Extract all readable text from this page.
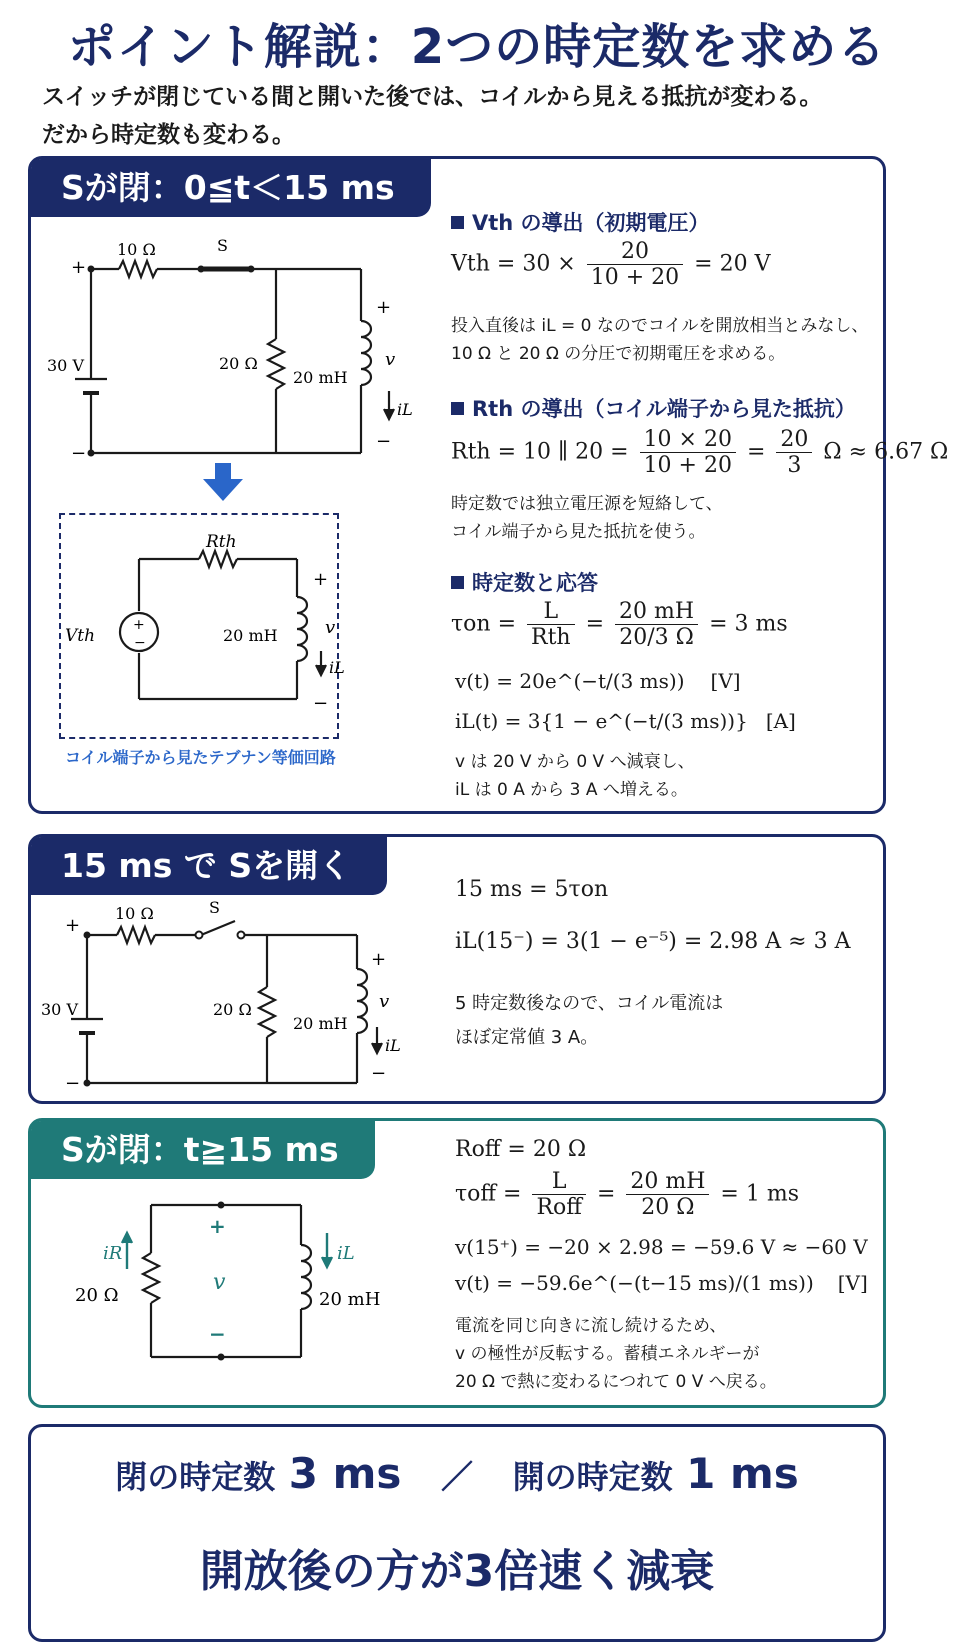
ポイント解説：2つの時定数を求める
スイッチが閉じている間と開いた後では、コイルから見える抵抗が変わる。
だから時定数も変わる。
Sが閉：0≦t＜15 ms
+
−
10 Ω	S
30 V	20 Ω
20 mH
+
v
iL
−
+
−
Rth
Vth	20 mH
+
v
iL
−
コイル端子から見たテブナン等価回路
Vth の導出（初期電圧）
Vth = $30 \times \frac{20}{10 + 20} = 20$ V
投入直後は iL = 0 なのでコイルを開放相当とみなし、
10 Ω と 20 Ω の分圧で初期電圧を求める。
Rth の導出（コイル端子から見た抵抗）
Rth = 10 ∥ $20 = \frac{10 \times 20}{10 + 20} = \frac{20}{3}$ Ω ≈ 6.67 Ω
時定数では独立電圧源を短絡して、
コイル端子から見た抵抗を使う。
時定数と応答
$\tau on = \frac{L}{\text{Rth}} = \frac{20 mH}{20/3 \Omega} = 3$ ms
v(t) = 20e^(−t/(3 ms)) [V]
iL(t) = 3{1 − e^(−t/(3 ms))} [A]
v は 20 V から 0 V へ減衰し、
iL は 0 A から 3 A へ増える。
15 ms で Sを開く
+
−
10 Ω	S
30 V	20 Ω
20 mH
+
v
iL
−
15 ms = 5τon
iL(15⁻) = 3(1 − e⁻⁵) = 2.98 A ≈ 3 A
5 時定数後なので、コイル電流は
ほぼ定常値 3 A。
Sが閉：t≧15 ms
+
−
iR	iL
20 Ω
v
20 mH
Roff = 20 Ω
$\tau off = \frac{L}{\text{Roff}} = \frac{20 mH}{20 \Omega} = 1$ ms
v(15⁺) = −20 × 2.98 = −59.6 V ≈ −60 V
v(t) = −59.6e^(−(t−15 ms)/(1 ms)) [V]
電流を同じ向きに流し続けるため、
v の極性が反転する。蓄積エネルギーが
20 Ω で熱に変わるにつれて 0 V へ戻る。
閉の時定数 3 ms ／ 開の時定数 1 ms
開放後の方が3倍速く減衰
